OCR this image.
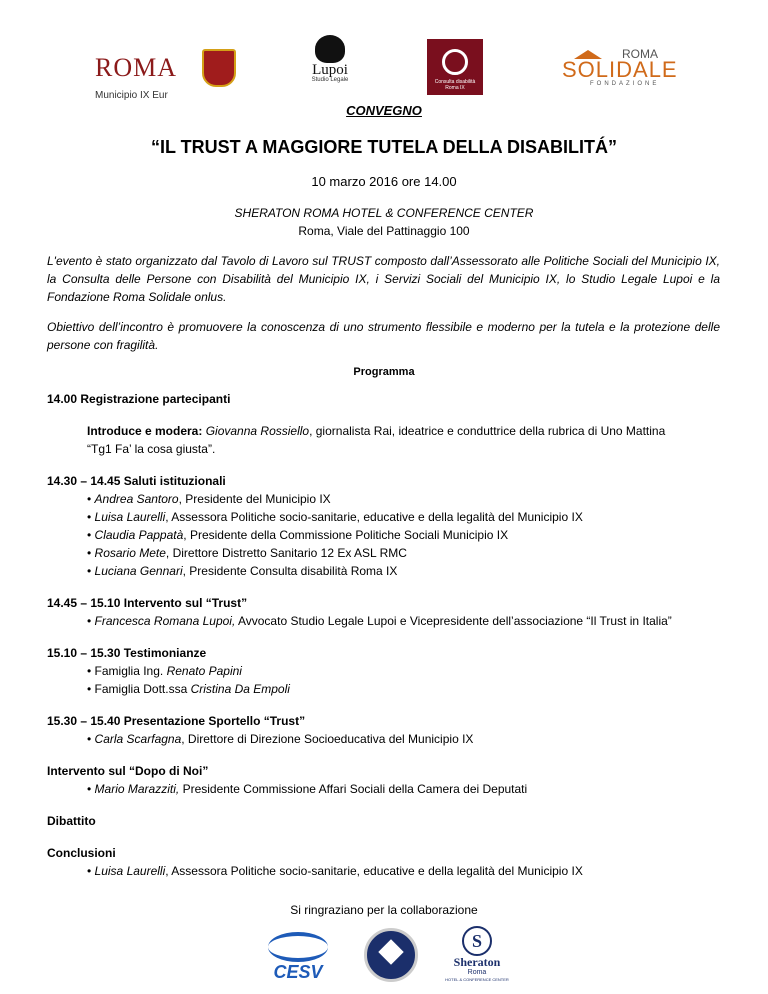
ROMA
Municipio IX Eur
Lupoi
Studio Legale	Consulta disabilità
Roma IX
ROMA
SOLIDALE
FONDAZIONE
CONVEGNO
“IL TRUST A MAGGIORE TUTELA DELLA DISABILITÁ”
10 marzo 2016 ore 14.00
SHERATON ROMA HOTEL & CONFERENCE CENTER
Roma, Viale del Pattinaggio 100
L'evento è stato organizzato dal Tavolo di Lavoro sul TRUST composto dall’Assessorato alle Politiche Sociali del Municipio IX, la Consulta delle Persone con Disabilità del Municipio IX, i Servizi Sociali del Municipio IX, lo Studio Legale Lupoi e la Fondazione Roma Solidale onlus.
Obiettivo dell’incontro è promuovere la conoscenza di uno strumento flessibile e moderno per la tutela e la protezione delle persone con fragilità.
Programma
14.00 Registrazione partecipanti
Introduce e modera: Giovanna Rossiello, giornalista Rai, ideatrice e conduttrice della rubrica di Uno Mattina
“Tg1 Fa’ la cosa giusta”.
14.30 – 14.45 Saluti istituzionali
• Andrea Santoro, Presidente del Municipio IX
• Luisa Laurelli, Assessora Politiche socio-sanitarie, educative e della legalità del Municipio IX
• Claudia Pappatà, Presidente della Commissione Politiche Sociali Municipio IX
• Rosario Mete, Direttore Distretto Sanitario 12 Ex ASL RMC
• Luciana Gennari, Presidente Consulta disabilità Roma IX
14.45 – 15.10 Intervento sul “Trust”
• Francesca Romana Lupoi, Avvocato Studio Legale Lupoi e Vicepresidente dell’associazione “Il Trust in Italia”
15.10 – 15.30 Testimonianze
• Famiglia Ing. Renato Papini
• Famiglia Dott.ssa Cristina Da Empoli
15.30 – 15.40 Presentazione Sportello “Trust”
• Carla Scarfagna, Direttore di Direzione Socioeducativa del Municipio IX
Intervento sul “Dopo di Noi”
• Mario Marazziti, Presidente Commissione Affari Sociali della Camera dei Deputati
Dibattito
Conclusioni
• Luisa Laurelli, Assessora Politiche socio-sanitarie, educative e della legalità del Municipio IX
Si ringraziano per la collaborazione
CESV
S
Sheraton
Roma
HOTEL & CONFERENCE CENTER
